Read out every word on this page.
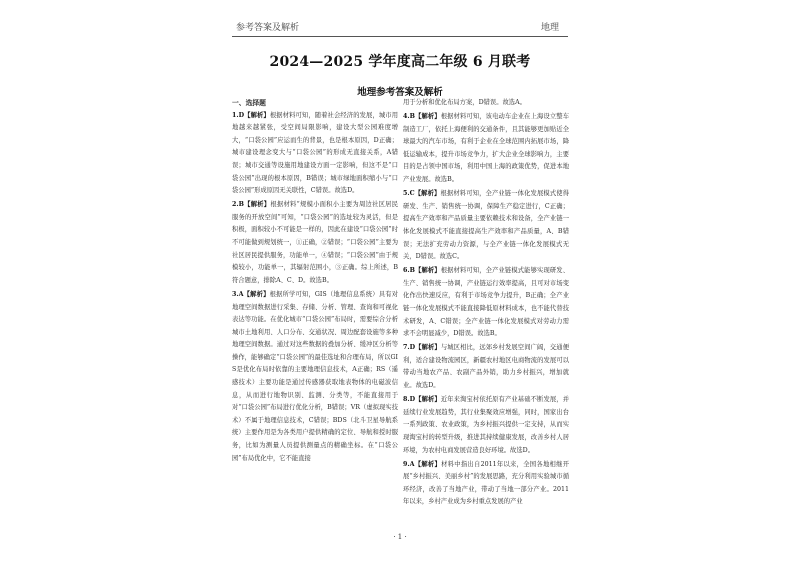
参考答案及解析	地理
2024—2025 学年度高二年级 6 月联考
地理参考答案及解析
一、选择题
1.D【解析】根据材料可知，随着社会经济的发展，城市用地越来越紧张，受空间局限影响，建设大型公园难度增大，“口袋公园”应运而生的背景，也是根本原因，D正确；城市建设理念变大与“口袋公园”的形成无直接关系，A错误；城市交通等设施用地建设方面一定影响，但这不是“口袋公园”出现的根本原因，B错误；城市绿地面积缩小与“口袋公园”形成原因无关联性，C错误。故选D。
2.B【解析】根据材料“规模小面积小主要为周边社区居民服务的开放空间”可知，“口袋公园”的选址较为灵活，但是积极，面积较小不可能是一样的，因此在建设“口袋公园”时不可能做到规划统一，①正确，②错误；“口袋公园”主要为社区居民提供服务，功能单一，④错误；“口袋公园”由于规模较小，功能单一，其辐射范围小，③正确。综上所述，B符合题意，排除A、C、D。故选B。
3.A【解析】根据所学可知，GIS（地理信息系统）具有对地理空间数据进行采集、存储、分析、管理、查询和可视化表达等功能。在优化城市“口袋公园”布局时，需要综合分析城市土地利用、人口分布、交通状况、周边配套设施等多种地理空间数据。通过对这些数据的叠加分析、缓冲区分析等操作，能够确定“口袋公园”的最佳选址和合理布局，所以GIS是优化布局时依靠的主要地理信息技术，A正确；RS（遥感技术）主要功能是通过传感器获取地表物体的电磁波信息，从而进行地物识别、监测、分类等，不能直接用于对“口袋公园”布局进行优化分析，B错误；VR（虚拟现实技术）不属于地理信息技术，C错误；BDS（北斗卫星导航系统）主要作用是为各类用户提供精确的定位、导航和授时服务，比如为测量人员提供测量点的精确坐标。在“口袋公园”布局优化中，它不能直接
用于分析和优化布局方案，D错误。故选A。
4.B【解析】根据材料可知，该电动车企业在上海设立整车制造工厂，依托上海便利的交通条件，且其能够更加贴近全球最大的汽车市场，有利于企业在全球范围内拓展市场，降低运输成本，提升市场竞争力，扩大企业全球影响力，主要目的是占领中国市场，利用中国上海的政策优势，促进本地产业发展。故选B。
5.C【解析】根据材料可知，全产业链一体化发展模式使得研发、生产、销售统一协调，保障生产稳定进行，C正确；提高生产效率和产品质量主要依赖技术和设备，全产业链一体化发展模式不能直接提高生产效率和产品质量，A、B错误；无法扩充劳动力资源，与全产业链一体化发展模式无关，D错误。故选C。
6.B【解析】根据材料可知，全产业链模式能够实现研发、生产、销售统一协调，产业链运行效率提高，且可对市场变化作出快速反应，有利于市场竞争力提升，B正确；全产业链一体化发展模式不能直接降低原材料成本，也不能代替技术研发，A、C错误；全产业链一体化发展模式对劳动力需求不会明显减少，D错误。故选B。
7.D【解析】与城区相比，远郊乡村发展空间广阔，交通便利，适合建设物流园区，新疆农村地区电商物流的发展可以带动当地农产品、农副产品外销，助力乡村振兴，增加就业。故选D。
8.D【解析】近年来淘宝村依托原有产业基础不断发展，并延续行业发展趋势，其行业集聚效应增强，同时，国家出台一系列政策、农业政策，为乡村振兴提供一定支持，从而实现淘宝村的转型升级，推进其持续健康发展，改善乡村人居环境，为农村电商发展营造良好环境。故选D。
9.A【解析】材料中指出自2011年以来，全国各地相继开展“乡村振兴、美丽乡村”的发展思路，充分利用实验城市循环经济，改善了当地产业，带动了当地一部分产业。2011年以来，乡村产业成为乡村重点发展的产业
· 1 ·
